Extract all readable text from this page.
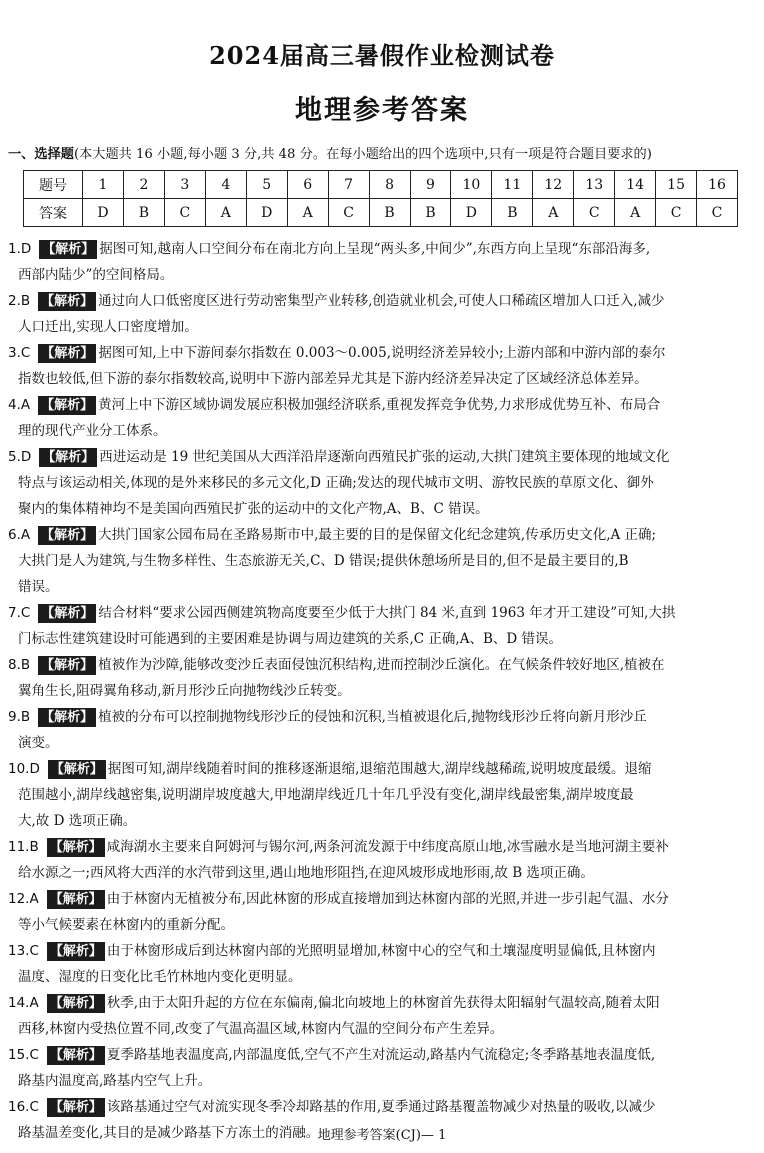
2024届高三暑假作业检测试卷
地理参考答案
一、选择题(本大题共 16 小题,每小题 3 分,共 48 分。在每小题给出的四个选项中,只有一项是符合题目要求的)
题号	1	2	3	4	5	6	7	8	9	10	11	12	13	14	15	16
答案	D	B	C	A	D	A	C	B	B	D	B	A	C	A	C	C
1.D 【解析】 据图可知,越南人口空间分布在南北方向上呈现“两头多,中间少”,东西方向上呈现“东部沿海多,
西部内陆少”的空间格局。
2.B 【解析】 通过向人口低密度区进行劳动密集型产业转移,创造就业机会,可使人口稀疏区增加人口迁入,减少
人口迁出,实现人口密度增加。
3.C 【解析】 据图可知,上中下游间泰尔指数在 0.003～0.005,说明经济差异较小;上游内部和中游内部的泰尔
指数也较低,但下游的泰尔指数较高,说明中下游内部差异尤其是下游内经济差异决定了区域经济总体差异。
4.A 【解析】 黄河上中下游区域协调发展应积极加强经济联系,重视发挥竞争优势,力求形成优势互补、布局合
理的现代产业分工体系。
5.D 【解析】 西进运动是 19 世纪美国从大西洋沿岸逐渐向西殖民扩张的运动,大拱门建筑主要体现的地域文化
特点与该运动相关,体现的是外来移民的多元文化,D 正确;发达的现代城市文明、游牧民族的草原文化、御外
聚内的集体精神均不是美国向西殖民扩张的运动中的文化产物,A、B、C 错误。
6.A 【解析】 大拱门国家公园布局在圣路易斯市中,最主要的目的是保留文化纪念建筑,传承历史文化,A 正确;
大拱门是人为建筑,与生物多样性、生态旅游无关,C、D 错误;提供休憩场所是目的,但不是最主要目的,B
错误。
7.C 【解析】 结合材料“要求公园西侧建筑物高度要至少低于大拱门 84 米,直到 1963 年才开工建设”可知,大拱
门标志性建筑建设时可能遇到的主要困难是协调与周边建筑的关系,C 正确,A、B、D 错误。
8.B 【解析】 植被作为沙障,能够改变沙丘表面侵蚀沉积结构,进而控制沙丘演化。在气候条件较好地区,植被在
翼角生长,阻碍翼角移动,新月形沙丘向抛物线沙丘转变。
9.B 【解析】 植被的分布可以控制抛物线形沙丘的侵蚀和沉积,当植被退化后,抛物线形沙丘将向新月形沙丘
演变。
10.D 【解析】 据图可知,湖岸线随着时间的推移逐渐退缩,退缩范围越大,湖岸线越稀疏,说明坡度最缓。退缩
范围越小,湖岸线越密集,说明湖岸坡度越大,甲地湖岸线近几十年几乎没有变化,湖岸线最密集,湖岸坡度最
大,故 D 选项正确。
11.B 【解析】 咸海湖水主要来自阿姆河与锡尔河,两条河流发源于中纬度高原山地,冰雪融水是当地河湖主要补
给水源之一;西风将大西洋的水汽带到这里,遇山地地形阻挡,在迎风坡形成地形雨,故 B 选项正确。
12.A 【解析】 由于林窗内无植被分布,因此林窗的形成直接增加到达林窗内部的光照,并进一步引起气温、水分
等小气候要素在林窗内的重新分配。
13.C 【解析】 由于林窗形成后到达林窗内部的光照明显增加,林窗中心的空气和土壤湿度明显偏低,且林窗内
温度、湿度的日变化比毛竹林地内变化更明显。
14.A 【解析】 秋季,由于太阳升起的方位在东偏南,偏北向坡地上的林窗首先获得太阳辐射气温较高,随着太阳
西移,林窗内受热位置不同,改变了气温高温区域,林窗内气温的空间分布产生差异。
15.C 【解析】 夏季路基地表温度高,内部温度低,空气不产生对流运动,路基内气流稳定;冬季路基地表温度低,
路基内温度高,路基内空气上升。
16.C 【解析】 该路基通过空气对流实现冬季冷却路基的作用,夏季通过路基覆盖物减少对热量的吸收,以减少
路基温差变化,其目的是减少路基下方冻土的消融。
地理参考答案(CJ)— 1
